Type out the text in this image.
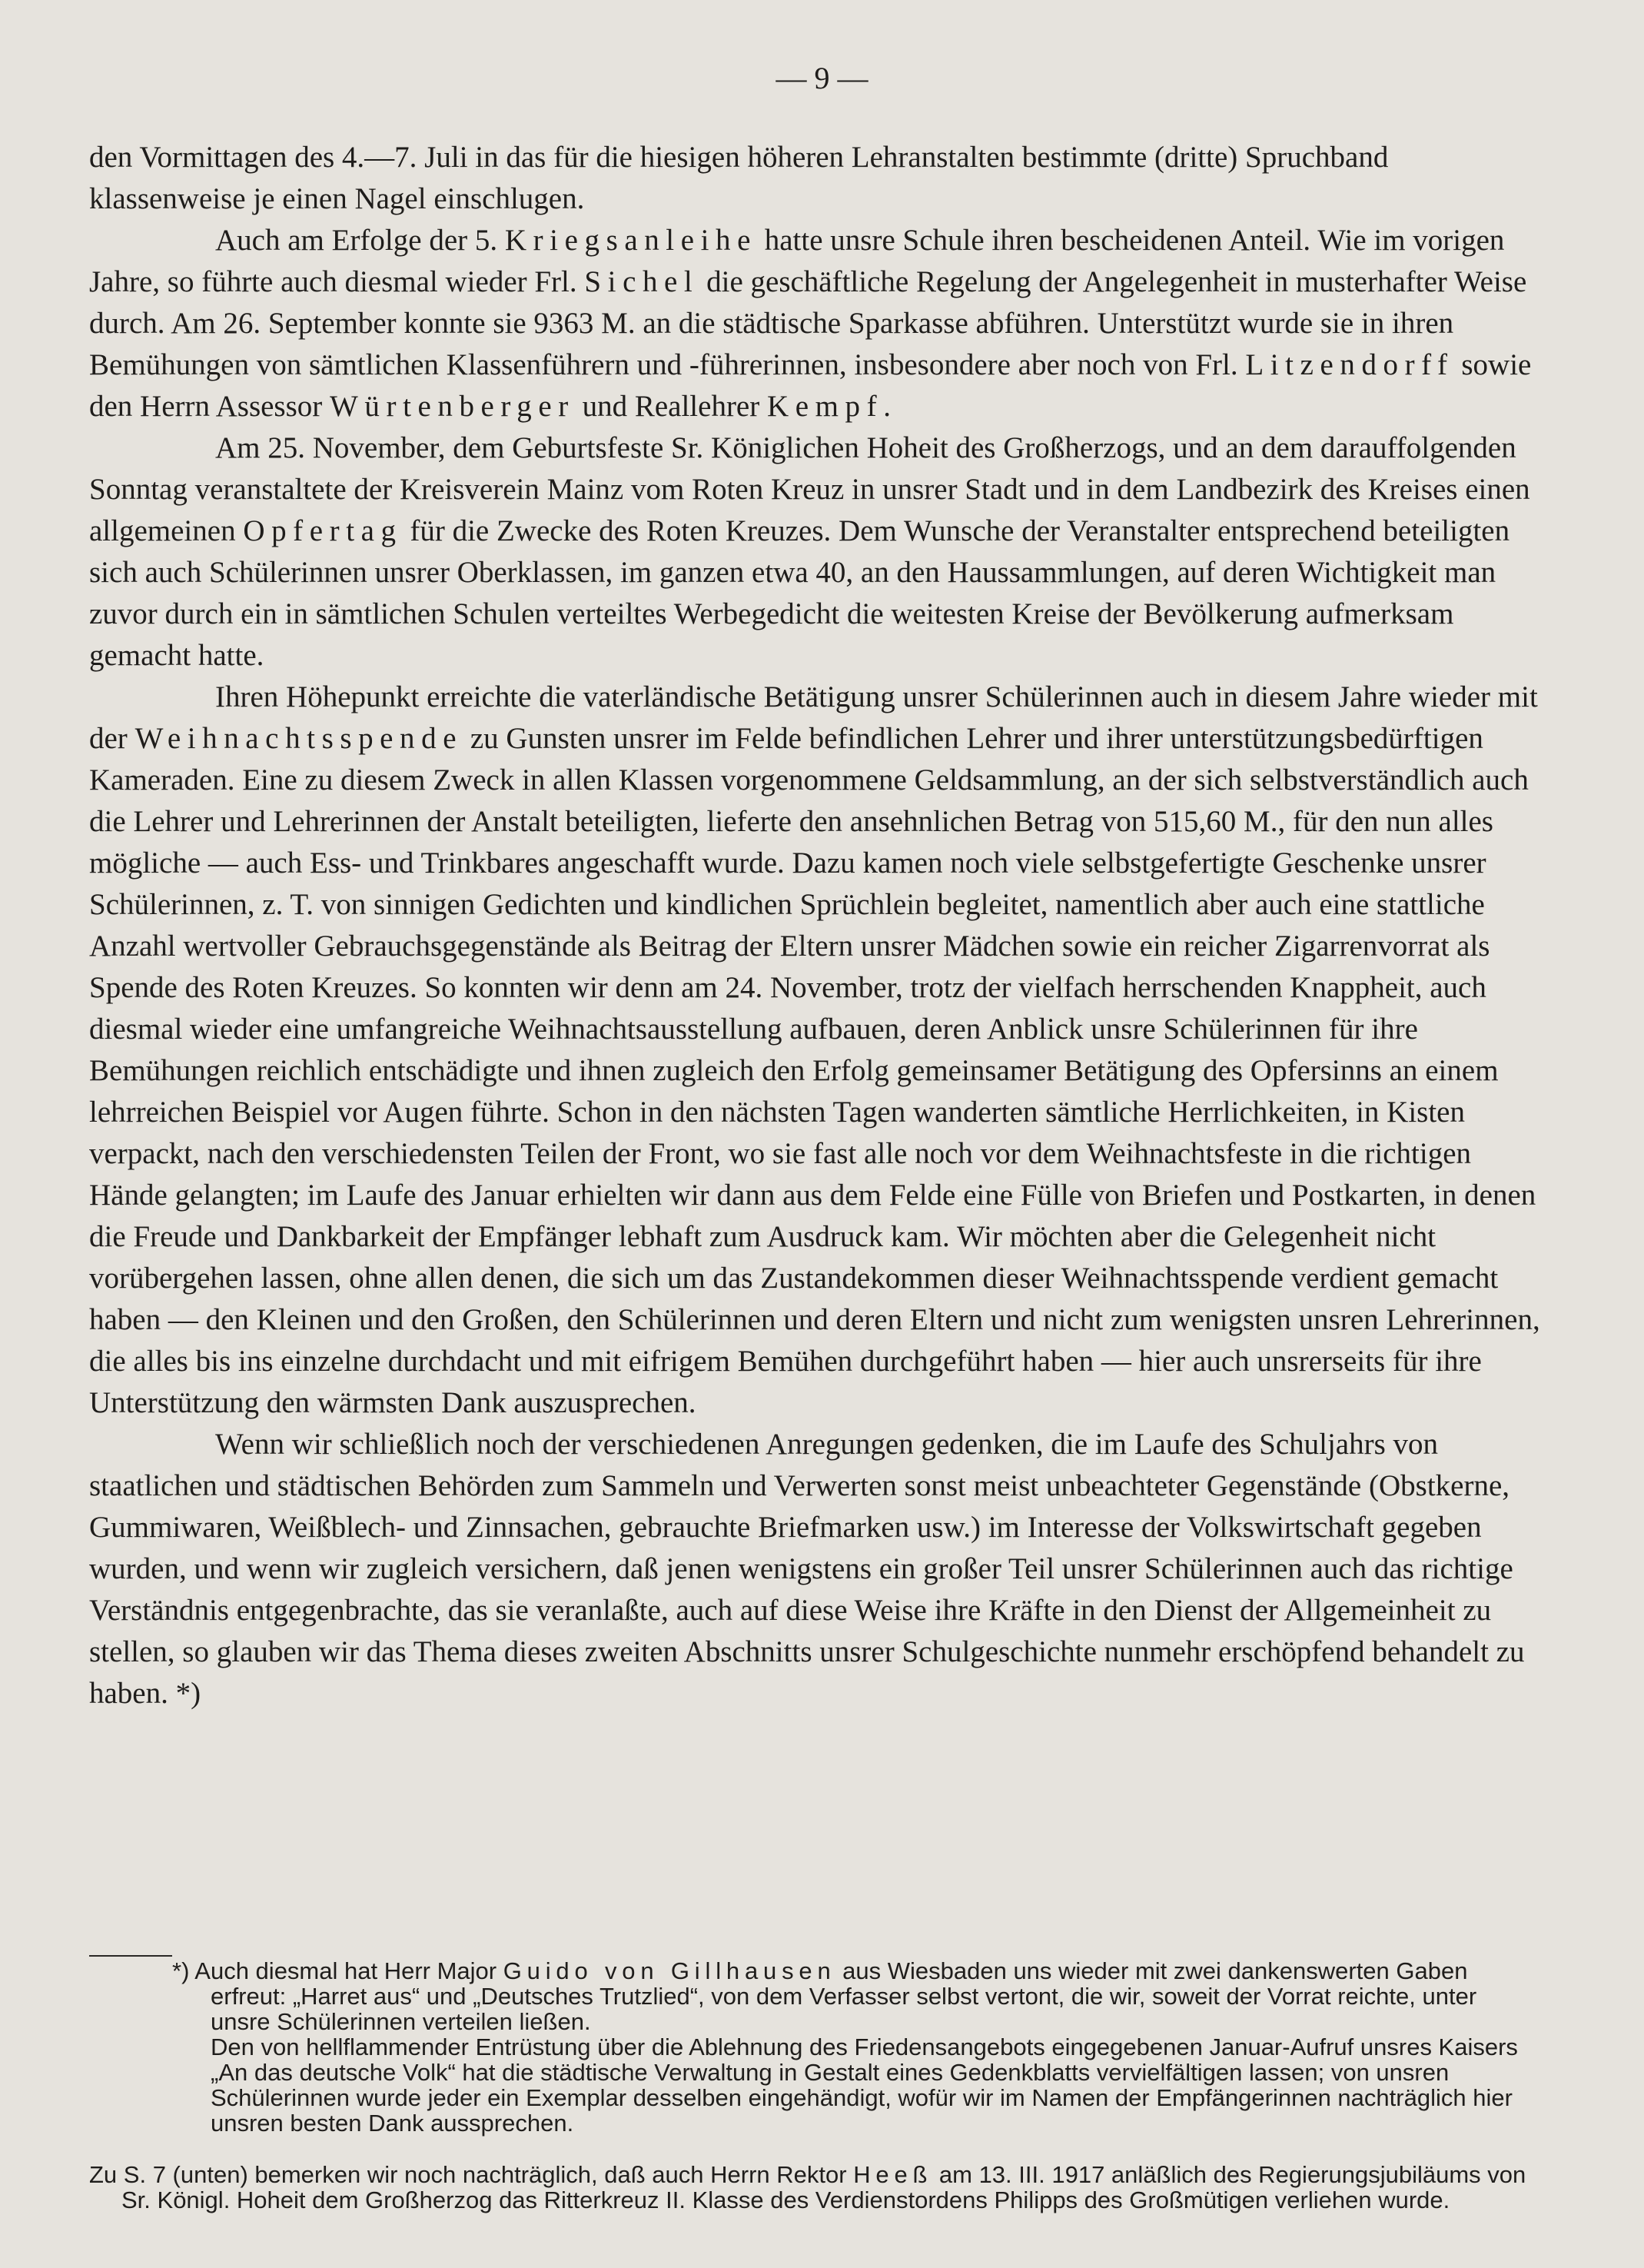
— 9 —

den Vormittagen des 4.—7. Juli in das für die hiesigen höheren Lehranstalten bestimmte (dritte) Spruchband klassenweise je einen Nagel einschlugen.

Auch am Erfolge der 5. Kriegsanleihe hatte unsre Schule ihren bescheidenen Anteil. Wie im vorigen Jahre, so führte auch diesmal wieder Frl. Sichel die geschäftliche Regelung der Angelegenheit in musterhafter Weise durch. Am 26. September konnte sie 9363 M. an die städtische Sparkasse abführen. Unterstützt wurde sie in ihren Bemühungen von sämtlichen Klassenführern und -führerinnen, insbesondere aber noch von Frl. Litzendorff sowie den Herrn Assessor Würtenberger und Reallehrer Kempf.

Am 25. November, dem Geburtsfeste Sr. Königlichen Hoheit des Großherzogs, und an dem darauffolgenden Sonntag veranstaltete der Kreisverein Mainz vom Roten Kreuz in unsrer Stadt und in dem Landbezirk des Kreises einen allgemeinen Opfertag für die Zwecke des Roten Kreuzes. Dem Wunsche der Veranstalter entsprechend beteiligten sich auch Schülerinnen unsrer Oberklassen, im ganzen etwa 40, an den Haussammlungen, auf deren Wichtigkeit man zuvor durch ein in sämtlichen Schulen verteiltes Werbegedicht die weitesten Kreise der Bevölkerung aufmerksam gemacht hatte.

Ihren Höhepunkt erreichte die vaterländische Betätigung unsrer Schülerinnen auch in diesem Jahre wieder mit der Weihnachtsspende zu Gunsten unsrer im Felde befindlichen Lehrer und ihrer unterstützungsbedürftigen Kameraden. Eine zu diesem Zweck in allen Klassen vorgenommene Geldsammlung, an der sich selbstverständlich auch die Lehrer und Lehrerinnen der Anstalt beteiligten, lieferte den ansehnlichen Betrag von 515,60 M., für den nun alles mögliche — auch Ess- und Trinkbares angeschafft wurde. Dazu kamen noch viele selbstgefertigte Geschenke unsrer Schülerinnen, z. T. von sinnigen Gedichten und kindlichen Sprüchlein begleitet, namentlich aber auch eine stattliche Anzahl wertvoller Gebrauchsgegenstände als Beitrag der Eltern unsrer Mädchen sowie ein reicher Zigarrenvorrat als Spende des Roten Kreuzes. So konnten wir denn am 24. November, trotz der vielfach herrschenden Knappheit, auch diesmal wieder eine umfangreiche Weihnachtsausstellung aufbauen, deren Anblick unsre Schülerinnen für ihre Bemühungen reichlich entschädigte und ihnen zugleich den Erfolg gemeinsamer Betätigung des Opfersinns an einem lehrreichen Beispiel vor Augen führte. Schon in den nächsten Tagen wanderten sämtliche Herrlichkeiten, in Kisten verpackt, nach den verschiedensten Teilen der Front, wo sie fast alle noch vor dem Weihnachtsfeste in die richtigen Hände gelangten; im Laufe des Januar erhielten wir dann aus dem Felde eine Fülle von Briefen und Postkarten, in denen die Freude und Dankbarkeit der Empfänger lebhaft zum Ausdruck kam. Wir möchten aber die Gelegenheit nicht vorübergehen lassen, ohne allen denen, die sich um das Zustandekommen dieser Weihnachtsspende verdient gemacht haben — den Kleinen und den Großen, den Schülerinnen und deren Eltern und nicht zum wenigsten unsren Lehrerinnen, die alles bis ins einzelne durchdacht und mit eifrigem Bemühen durchgeführt haben — hier auch unsrerseits für ihre Unterstützung den wärmsten Dank auszusprechen.

Wenn wir schließlich noch der verschiedenen Anregungen gedenken, die im Laufe des Schuljahrs von staatlichen und städtischen Behörden zum Sammeln und Verwerten sonst meist unbeachteter Gegenstände (Obstkerne, Gummiwaren, Weißblech- und Zinnsachen, gebrauchte Briefmarken usw.) im Interesse der Volkswirtschaft gegeben wurden, und wenn wir zugleich versichern, daß jenen wenigstens ein großer Teil unsrer Schülerinnen auch das richtige Verständnis entgegenbrachte, das sie veranlaßte, auch auf diese Weise ihre Kräfte in den Dienst der Allgemeinheit zu stellen, so glauben wir das Thema dieses zweiten Abschnitts unsrer Schulgeschichte nunmehr erschöpfend behandelt zu haben. *)

*) Auch diesmal hat Herr Major Guido von Gillhausen aus Wiesbaden uns wieder mit zwei dankenswerten Gaben erfreut: „Harret aus“ und „Deutsches Trutzlied“, von dem Verfasser selbst vertont, die wir, soweit der Vorrat reichte, unter unsre Schülerinnen verteilen ließen.

Den von hellflammender Entrüstung über die Ablehnung des Friedensangebots eingegebenen Januar-Aufruf unsres Kaisers „An das deutsche Volk“ hat die städtische Verwaltung in Gestalt eines Gedenkblatts vervielfältigen lassen; von unsren Schülerinnen wurde jeder ein Exemplar desselben eingehändigt, wofür wir im Namen der Empfängerinnen nachträglich hier unsren besten Dank aussprechen.

Zu S. 7 (unten) bemerken wir noch nachträglich, daß auch Herrn Rektor Heeß am 13. III. 1917 anläßlich des Regierungsjubiläums von Sr. Königl. Hoheit dem Großherzog das Ritterkreuz II. Klasse des Verdienstordens Philipps des Großmütigen verliehen wurde.
